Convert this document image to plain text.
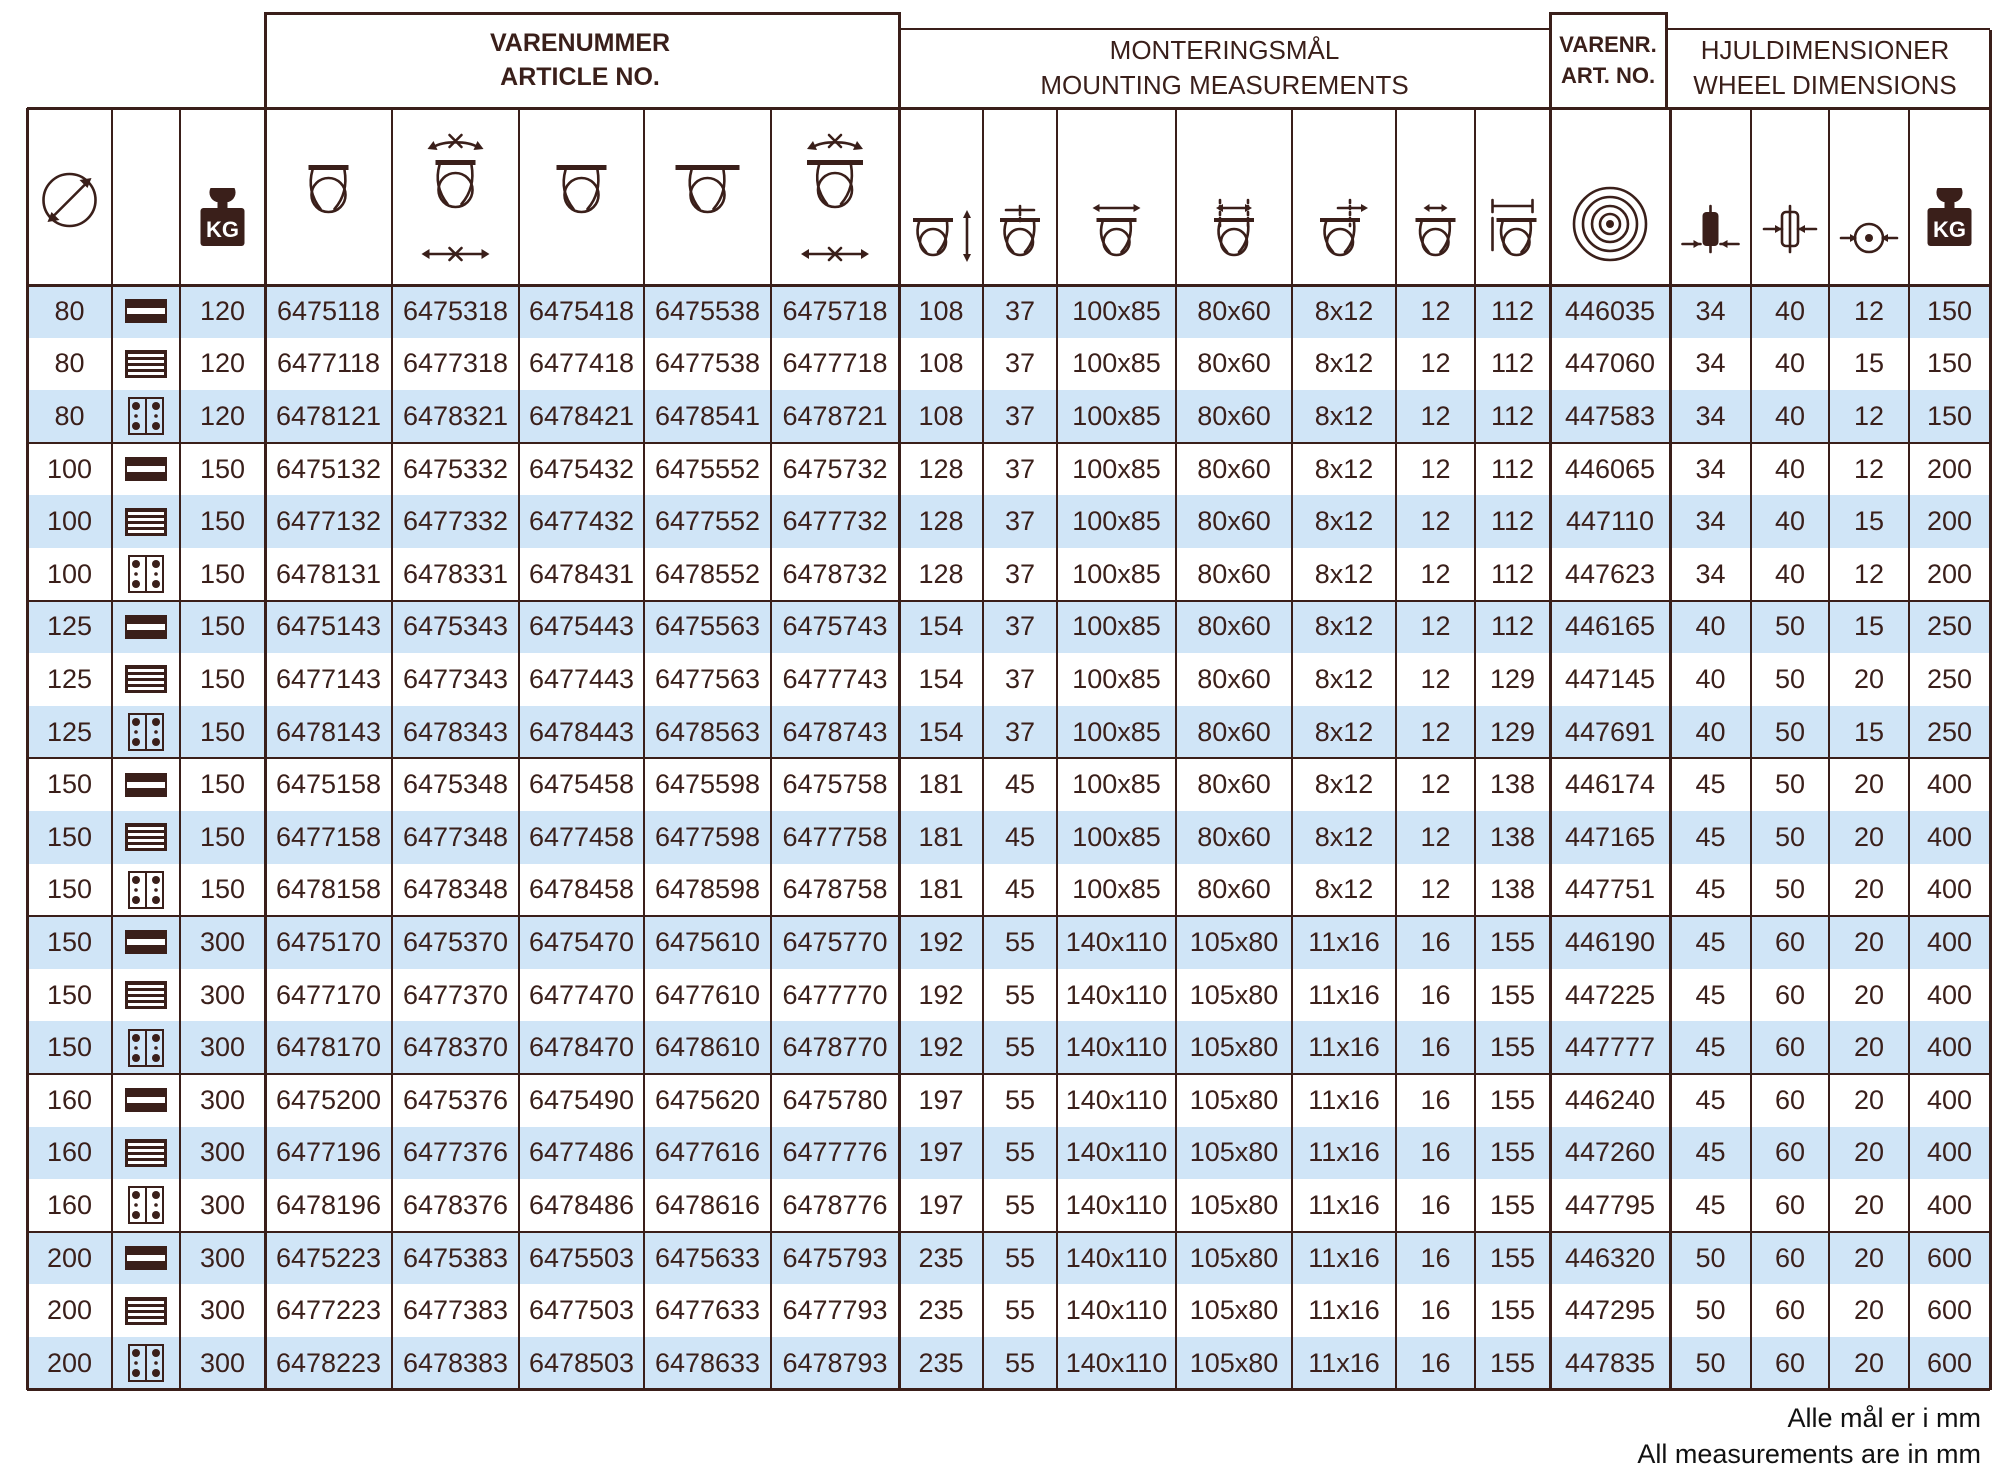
VARENUMMER
ARTICLE NO.
MONTERINGSMÅL
MOUNTING MEASUREMENTS
VARENR.
ART. NO.
HJULDIMENSIONER
WHEEL DIMENSIONS
KG	KG
80	120	6475118 6475318 6475418 6475538 6475718	108	37	100x85	80x60	8x12	12	112	446035	34	40	12	150
80	120	6477118 6477318 6477418 6477538 6477718	108	37	100x85	80x60	8x12	12	112	447060	34	40	15	150
80	120	6478121 6478321 6478421 6478541 6478721	108	37	100x85	80x60	8x12	12	112	447583	34	40	12	150
100	150	6475132 6475332 6475432 6475552 6475732	128	37	100x85	80x60	8x12	12	112	446065	34	40	12	200
100	150	6477132 6477332 6477432 6477552 6477732	128	37	100x85	80x60	8x12	12	112	447110	34	40	15	200
100	150	6478131 6478331 6478431 6478552 6478732	128	37	100x85	80x60	8x12	12	112	447623	34	40	12	200
125	150	6475143 6475343 6475443 6475563 6475743	154	37	100x85	80x60	8x12	12	112	446165	40	50	15	250
125	150	6477143 6477343 6477443 6477563 6477743	154	37	100x85	80x60	8x12	12	129	447145	40	50	20	250
125	150	6478143 6478343 6478443 6478563 6478743	154	37	100x85	80x60	8x12	12	129	447691	40	50	15	250
150	150	6475158 6475348 6475458 6475598 6475758	181	45	100x85	80x60	8x12	12	138	446174	45	50	20	400
150	150	6477158 6477348 6477458 6477598 6477758	181	45	100x85	80x60	8x12	12	138	447165	45	50	20	400
150	150	6478158 6478348 6478458 6478598 6478758	181	45	100x85	80x60	8x12	12	138	447751	45	50	20	400
150	300	6475170 6475370 6475470 6475610 6475770	192	55	140x110 105x80	11x16	16	155	446190	45	60	20	400
150	300	6477170 6477370 6477470 6477610 6477770	192	55	140x110 105x80	11x16	16	155	447225	45	60	20	400
150	300	6478170 6478370 6478470 6478610 6478770	192	55	140x110 105x80	11x16	16	155	447777	45	60	20	400
160	300	6475200 6475376 6475490 6475620 6475780	197	55	140x110 105x80	11x16	16	155	446240	45	60	20	400
160	300	6477196 6477376 6477486 6477616 6477776	197	55	140x110 105x80	11x16	16	155	447260	45	60	20	400
160	300	6478196 6478376 6478486 6478616 6478776	197	55	140x110 105x80	11x16	16	155	447795	45	60	20	400
200	300	6475223 6475383 6475503 6475633 6475793	235	55	140x110 105x80	11x16	16	155	446320	50	60	20	600
200	300	6477223 6477383 6477503 6477633 6477793	235	55	140x110 105x80	11x16	16	155	447295	50	60	20	600
200	300	6478223 6478383 6478503 6478633 6478793	235	55	140x110 105x80	11x16	16	155	447835	50	60	20	600
Alle mål er i mm
All measurements are in mm
